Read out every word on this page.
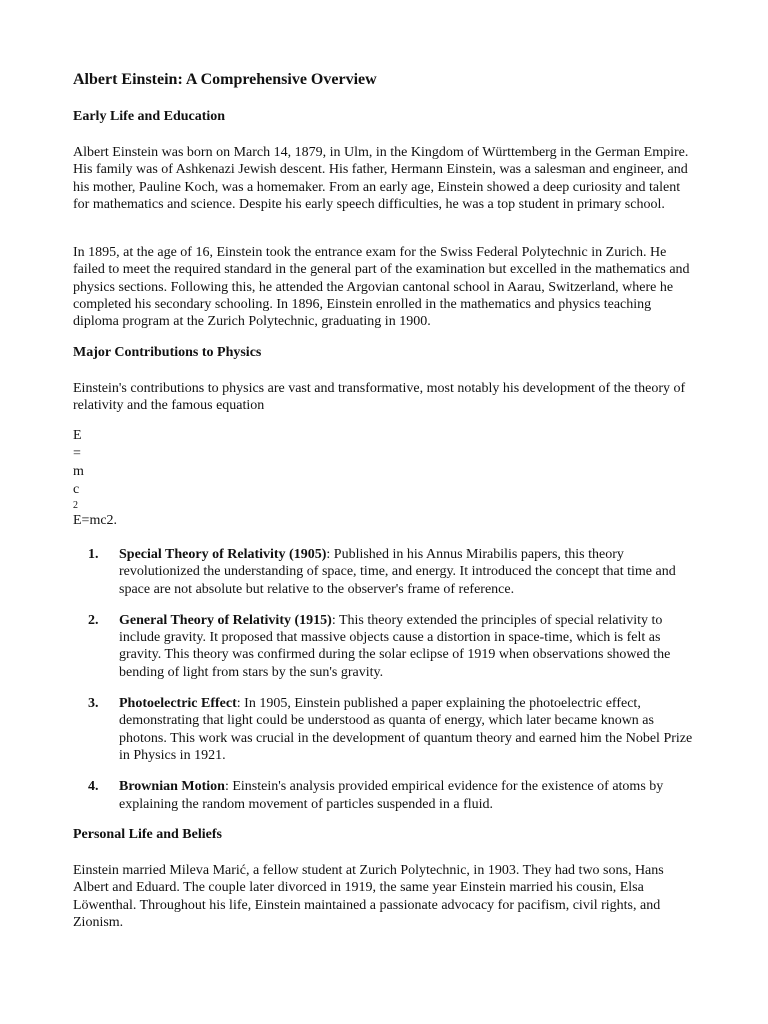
Albert Einstein: A Comprehensive Overview
Early Life and Education

Albert Einstein was born on March 14, 1879, in Ulm, in the Kingdom of Württemberg in the German Empire. His family was of Ashkenazi Jewish descent. His father, Hermann Einstein, was a salesman and engineer, and his mother, Pauline Koch, was a homemaker. From an early age, Einstein showed a deep curiosity and talent for mathematics and science. Despite his early speech difficulties, he was a top student in primary school.

In 1895, at the age of 16, Einstein took the entrance exam for the Swiss Federal Polytechnic in Zurich. He failed to meet the required standard in the general part of the examination but excelled in the mathematics and physics sections. Following this, he attended the Argovian cantonal school in Aarau, Switzerland, where he completed his secondary schooling. In 1896, Einstein enrolled in the mathematics and physics teaching diploma program at the Zurich Polytechnic, graduating in 1900.

Major Contributions to Physics

Einstein's contributions to physics are vast and transformative, most notably his development of the theory of relativity and the famous equation

E
=
m
c
2
E=mc2.
1. Special Theory of Relativity (1905): Published in his Annus Mirabilis papers, this theory revolutionized the understanding of space, time, and energy. It introduced the concept that time and space are not absolute but relative to the observer's frame of reference.
2. General Theory of Relativity (1915): This theory extended the principles of special relativity to include gravity. It proposed that massive objects cause a distortion in space-time, which is felt as gravity. This theory was confirmed during the solar eclipse of 1919 when observations showed the bending of light from stars by the sun's gravity.
3. Photoelectric Effect: In 1905, Einstein published a paper explaining the photoelectric effect, demonstrating that light could be understood as quanta of energy, which later became known as photons. This work was crucial in the development of quantum theory and earned him the Nobel Prize in Physics in 1921.
4. Brownian Motion: Einstein's analysis provided empirical evidence for the existence of atoms by explaining the random movement of particles suspended in a fluid.
Personal Life and Beliefs

Einstein married Mileva Marić, a fellow student at Zurich Polytechnic, in 1903. They had two sons, Hans Albert and Eduard. The couple later divorced in 1919, the same year Einstein married his cousin, Elsa Löwenthal. Throughout his life, Einstein maintained a passionate advocacy for pacifism, civil rights, and Zionism.
